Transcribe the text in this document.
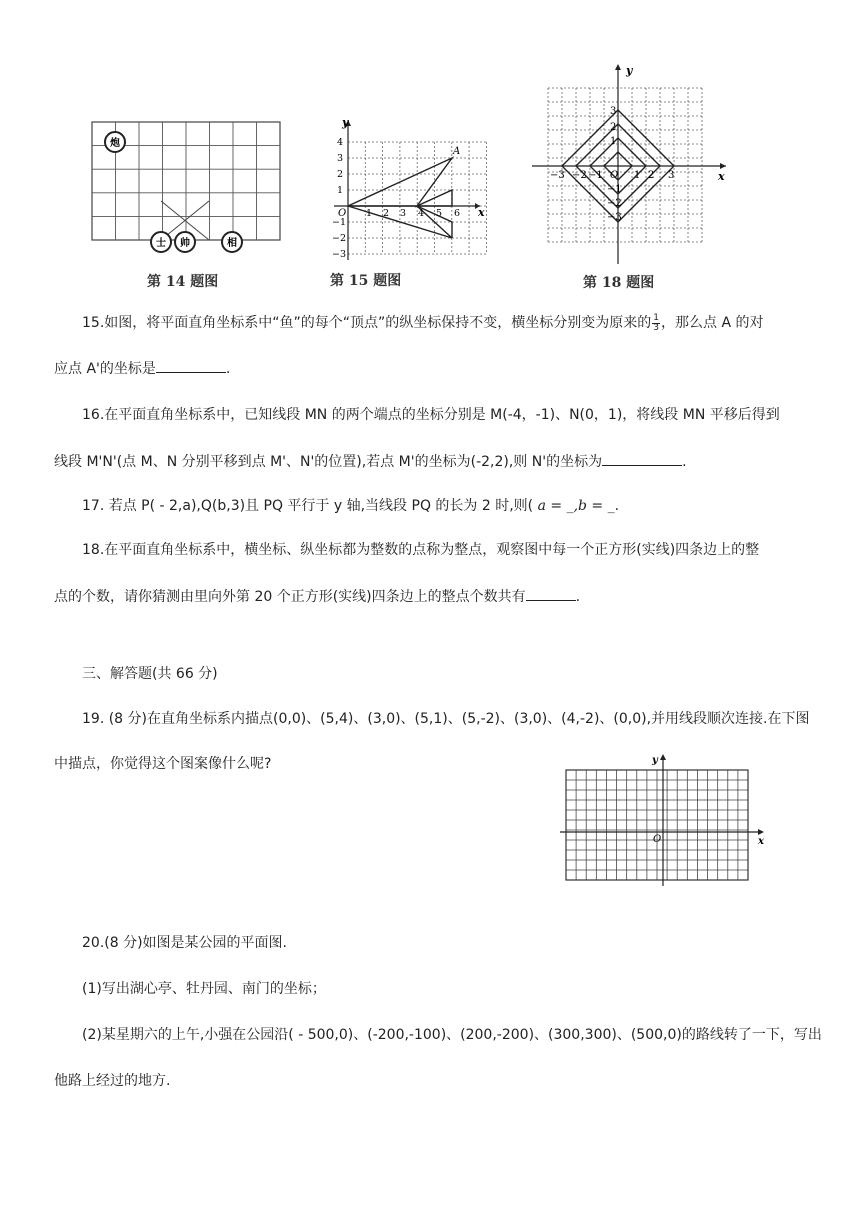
炮
士 帅	相
第 14 题图
y
x
O
A
1 2 3 4 5 6
4
3
2
1
−1
−2
−3
第 15 题图
y
x
O
−3 −2 −1	1 2 3
3
2
1
−1
−2
−3
第 18 题图
15.如图，将平面直角坐标系中“鱼”的每个“顶点”的纵坐标保持不变，横坐标分别变为原来的 $\frac{1}{3}$ ，那么点 A 的对
应点 A'的坐标是	.
16.在平面直角坐标系中，已知线段 MN 的两个端点的坐标分别是 M(-4，-1)、N(0，1)，将线段 MN 平移后得到
线段 M'N'(点 M、N 分别平移到点 M'、N'的位置),若点 M'的坐标为(-2,2),则 N'的坐标为	.
17. 若点 P( - 2,a),Q(b,3)且 PQ 平行于 y 轴,当线段 PQ 的长为 2 时,则( a = _,b = _.
18.在平面直角坐标系中，横坐标、纵坐标都为整数的点称为整点，观察图中每一个正方形(实线)四条边上的整
点的个数，请你猜测由里向外第 20 个正方形(实线)四条边上的整点个数共有	.
三、解答题(共 66 分)
19. (8 分)在直角坐标系内描点(0,0)、(5,4)、(3,0)、(5,1)、(5,-2)、(3,0)、(4,-2)、(0,0),并用线段顺次连接.在下图
中描点，你觉得这个图案像什么呢?	y
x
O
20.(8 分)如图是某公园的平面图.
(1)写出湖心亭、牡丹园、南门的坐标；
(2)某星期六的上午,小强在公园沿( - 500,0)、(-200,-100)、(200,-200)、(300,300)、(500,0)的路线转了一下，写出
他路上经过的地方.
